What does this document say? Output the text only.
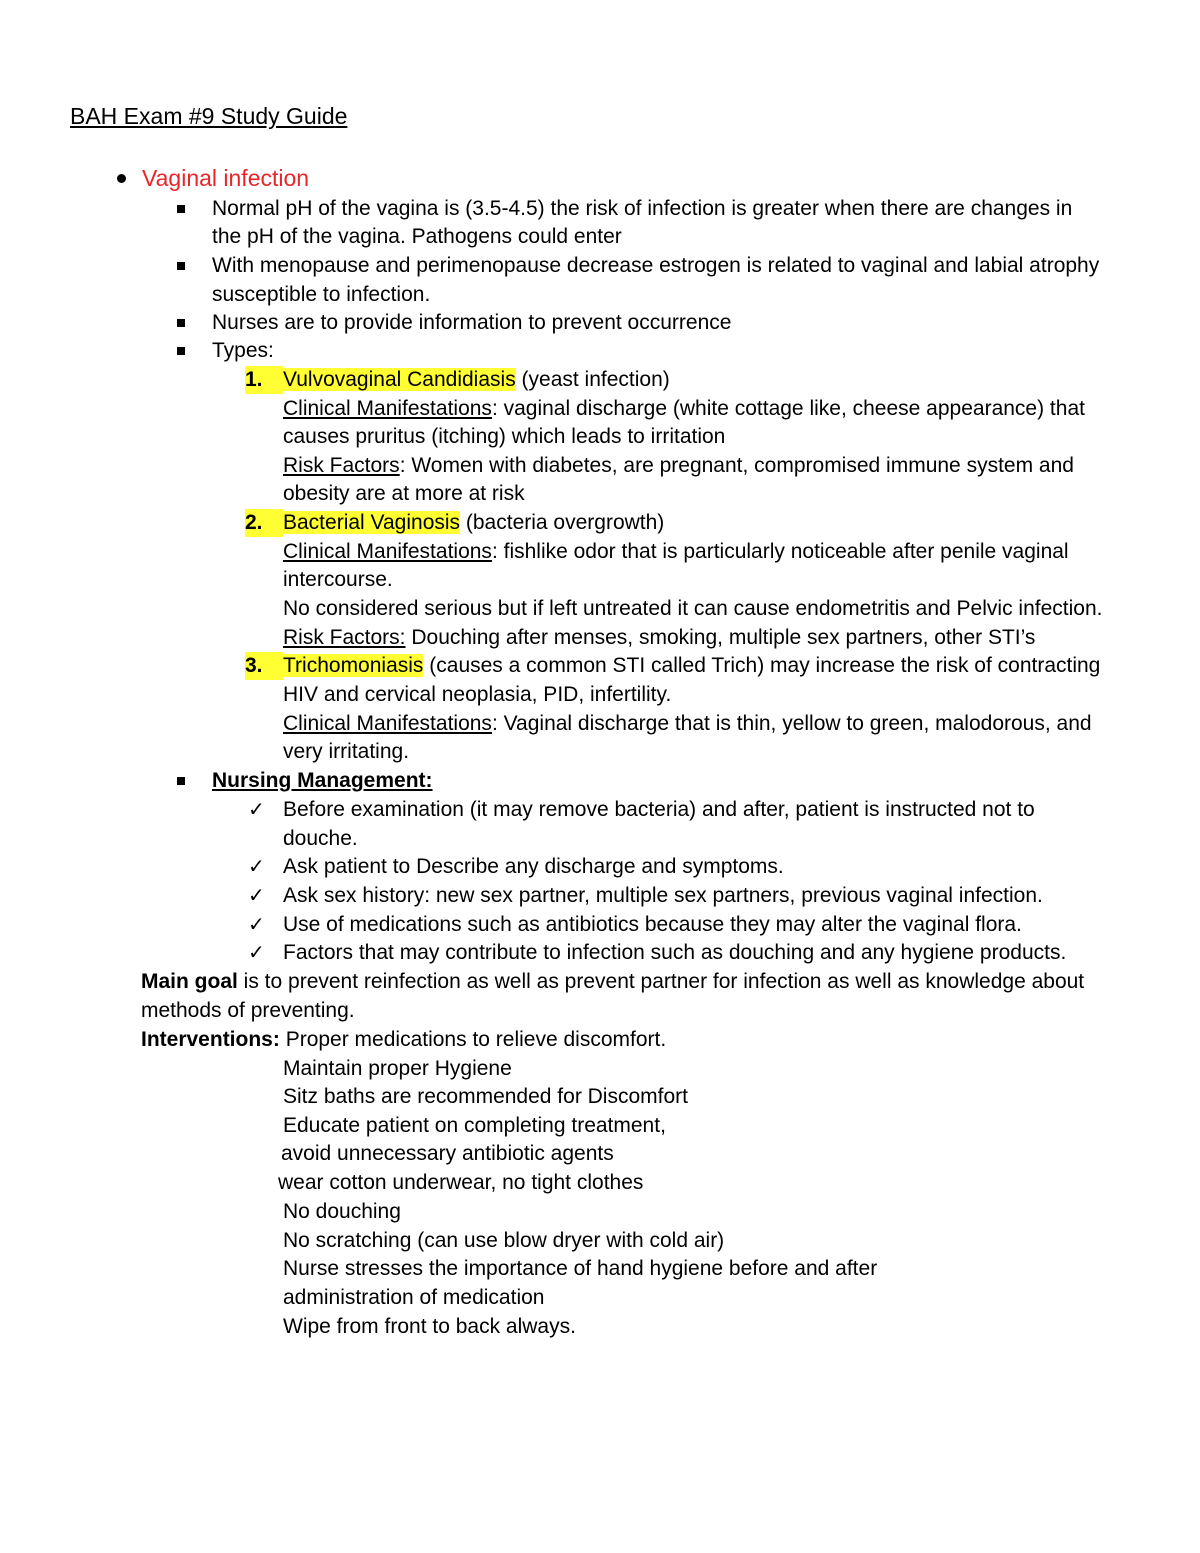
BAH Exam #9 Study Guide
Vaginal infection
Normal pH of the vagina is (3.5-4.5) the risk of infection is greater when there are changes in
the pH of the vagina. Pathogens could enter
With menopause and perimenopause decrease estrogen is related to vaginal and labial atrophy
susceptible to infection.
Nurses are to provide information to prevent occurrence
Types:
1. Vulvovaginal Candidiasis (yeast infection)
Clinical Manifestations: vaginal discharge (white cottage like, cheese appearance) that
causes pruritus (itching) which leads to irritation
Risk Factors: Women with diabetes, are pregnant, compromised immune system and
obesity are at more at risk
2. Bacterial Vaginosis (bacteria overgrowth)
Clinical Manifestations: fishlike odor that is particularly noticeable after penile vaginal
intercourse.
No considered serious but if left untreated it can cause endometritis and Pelvic infection.
Risk Factors: Douching after menses, smoking, multiple sex partners, other STI’s
3. Trichomoniasis (causes a common STI called Trich) may increase the risk of contracting
HIV and cervical neoplasia, PID, infertility.
Clinical Manifestations: Vaginal discharge that is thin, yellow to green, malodorous, and
very irritating.
Nursing Management:
✓ Before examination (it may remove bacteria) and after, patient is instructed not to
douche.
✓ Ask patient to Describe any discharge and symptoms.
✓ Ask sex history: new sex partner, multiple sex partners, previous vaginal infection.
✓ Use of medications such as antibiotics because they may alter the vaginal flora.
✓ Factors that may contribute to infection such as douching and any hygiene products.
Main goal is to prevent reinfection as well as prevent partner for infection as well as knowledge about
methods of preventing.
Interventions: Proper medications to relieve discomfort.
Maintain proper Hygiene
Sitz baths are recommended for Discomfort
Educate patient on completing treatment,
avoid unnecessary antibiotic agents
wear cotton underwear, no tight clothes
No douching
No scratching (can use blow dryer with cold air)
Nurse stresses the importance of hand hygiene before and after
administration of medication
Wipe from front to back always.
